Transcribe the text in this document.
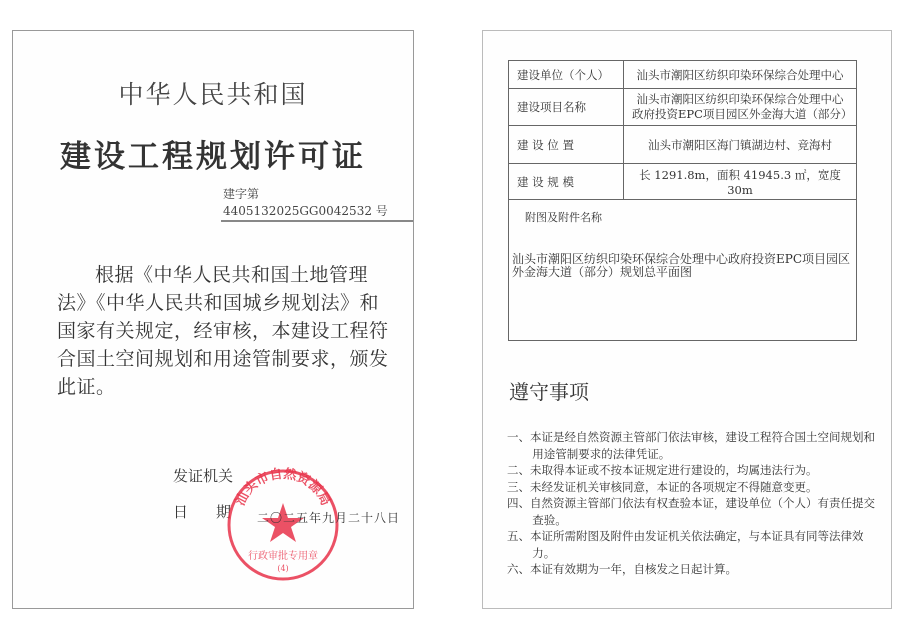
中华人民共和国
建设工程规划许可证
建字第  4405132025GG0042532 号
根据《中华人民共和国土地管理法》《中华人民共和国城乡规划法》和国家有关规定，经审核，本建设工程符合国土空间规划和用途管制要求，颁发此证。
发证机关
日期
汕头市自然资源局
行政审批专用章
(4)
二〇二五年九月二十八日
建设单位（个人）	汕头市潮阳区纺织印染环保综合处理中心
建设项目名称	汕头市潮阳区纺织印染环保综合处理中心政府投资EPC项目园区外金海大道（部分）
建 设 位 置	汕头市潮阳区海门镇湖边村、竞海村
建 设 规 模	长 1291.8m，面积 41945.3 ㎡，宽度 30m

附图及附件名称
汕头市潮阳区纺织印染环保综合处理中心政府投资EPC项目园区外金海大道（部分）规划总平面图	
遵守事项
一、本证是经自然资源主管部门依法审核，建设工程符合国土空间规划和用途管制要求的法律凭证。
二、未取得本证或不按本证规定进行建设的，均属违法行为。
三、未经发证机关审核同意，本证的各项规定不得随意变更。
四、自然资源主管部门依法有权查验本证，建设单位（个人）有责任提交查验。
五、本证所需附图及附件由发证机关依法确定，与本证具有同等法律效力。
六、本证有效期为一年，自核发之日起计算。
